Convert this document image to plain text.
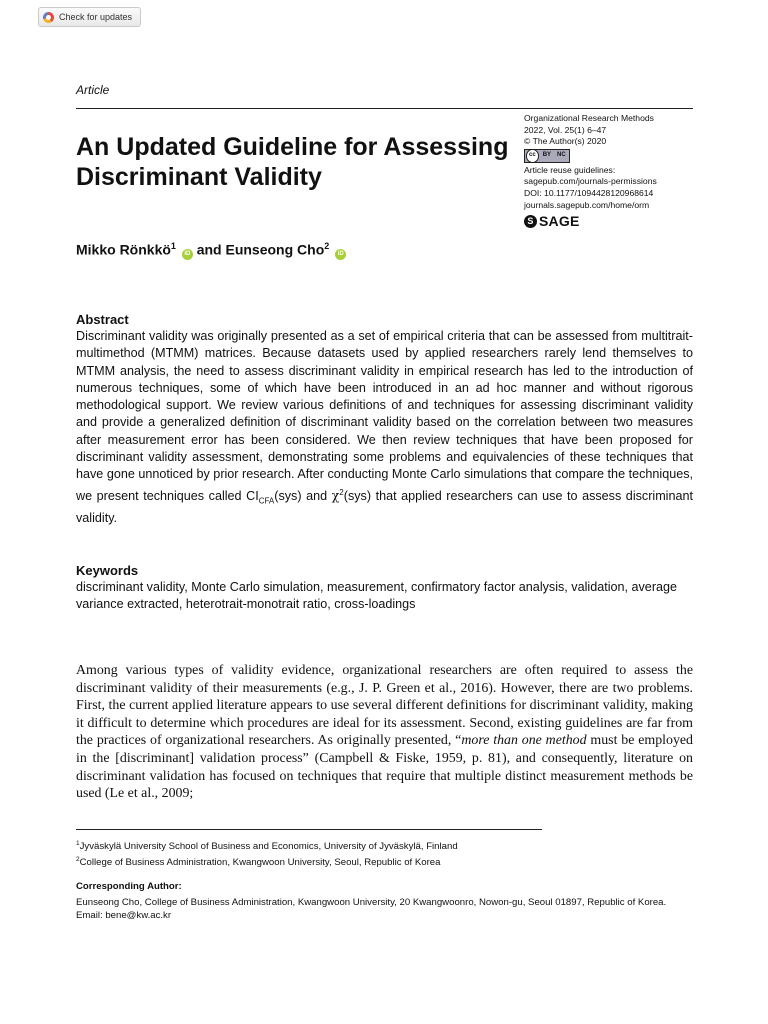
Check for updates
Article
An Updated Guideline for Assessing Discriminant Validity
Organizational Research Methods
2022, Vol. 25(1) 6–47
© The Author(s) 2020
cc	BY	NC
Article reuse guidelines:
sagepub.com/journals-permissions
DOI: 10.1177/1094428120968614
journals.sagepub.com/home/orm
S SAGE
Mikko Rönkkö$^1$ iD and Eunseong Cho$^2$ iD
Abstract
Discriminant validity was originally presented as a set of empirical criteria that can be assessed from multitrait-multimethod (MTMM) matrices. Because datasets used by applied researchers rarely lend themselves to MTMM analysis, the need to assess discriminant validity in empirical research has led to the introduction of numerous techniques, some of which have been introduced in an ad hoc manner and without rigorous methodological support. We review various definitions of and techniques for assessing discriminant validity and provide a generalized definition of discriminant validity based on the correlation between two measures after measurement error has been considered. We then review techniques that have been proposed for discriminant validity assessment, demonstrating some problems and equivalencies of these techniques that have gone unnoticed by prior research. After conducting Monte Carlo simulations that compare the techniques, we present techniques called $CI_{CFA}(sys)$ and $\chi^2(sys)$ that applied researchers can use to assess discriminant validity.
Keywords
discriminant validity, Monte Carlo simulation, measurement, confirmatory factor analysis, validation, average variance extracted, heterotrait-monotrait ratio, cross-loadings
Among various types of validity evidence, organizational researchers are often required to assess the discriminant validity of their measurements (e.g., J. P. Green et al., 2016). However, there are two problems. First, the current applied literature appears to use several different definitions for discriminant validity, making it difficult to determine which procedures are ideal for its assessment. Second, existing guidelines are far from the practices of organizational researchers. As originally presented, “more than one method must be employed in the [discriminant] validation process” (Campbell & Fiske, 1959, p. 81), and consequently, literature on discriminant validation has focused on techniques that require that multiple distinct measurement methods be used (Le et al., 2009;
$^1$Jyväskylä University School of Business and Economics, University of Jyväskylä, Finland
$^2$College of Business Administration, Kwangwoon University, Seoul, Republic of Korea
Corresponding Author:
Eunseong Cho, College of Business Administration, Kwangwoon University, 20 Kwangwoonro, Nowon-gu, Seoul 01897, Republic of Korea.
Email: bene@kw.ac.kr
